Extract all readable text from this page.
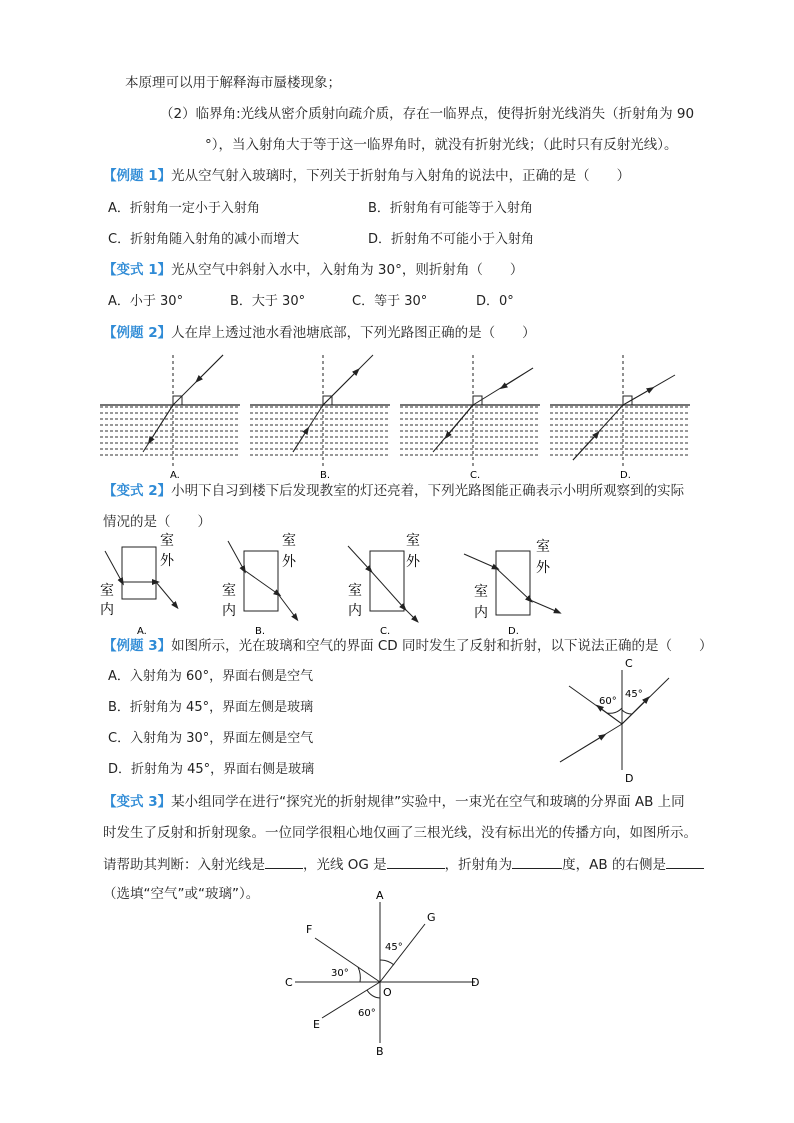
本原理可以用于解释海市蜃楼现象；
（2）临界角:光线从密介质射向疏介质，存在一临界点，使得折射光线消失（折射角为 90
°），当入射角大于等于这一临界角时，就没有折射光线；（此时只有反射光线）。
【例题 1】光从空气射入玻璃时，下列关于折射角与入射角的说法中，正确的是（　　）
A．折射角一定小于入射角	B．折射角有可能等于入射角
C．折射角随入射角的减小而增大	D．折射角不可能小于入射角
【变式 1】光从空气中斜射入水中，入射角为 30°，则折射角（　　）
A．小于 30°	B．大于 30°	C．等于 30°	D．0°
【例题 2】人在岸上透过池水看池塘底部，下列光路图正确的是（　　）
A.	B.	C.	D.
【变式 2】小明下自习到楼下后发现教室的灯还亮着，下列光路图能正确表示小明所观察到的实际
情况的是（　　）
室
外
室
内
A.
室
外
室
内
B.
室
外
室
内
C.
室
外
室
内
D.
【例题 3】如图所示，光在玻璃和空气的界面 CD 同时发生了反射和折射，以下说法正确的是（　　）
A．入射角为 60°，界面右侧是空气
B．折射角为 45°，界面左侧是玻璃
C．入射角为 30°，界面左侧是空气
D．折射角为 45°，界面右侧是玻璃
C
D
60°
45°
【变式 3】某小组同学在进行“探究光的折射规律”实验中，一束光在空气和玻璃的分界面 AB 上同
时发生了反射和折射现象。一位同学很粗心地仅画了三根光线，没有标出光的传播方向，如图所示。
请帮助其判断：入射光线是	，光线 OG 是	，折射角为	度，AB 的右侧是
（选填“空气”或“玻璃”）。	A
B
C	D
E
F
G
O
45°
30°
60°
